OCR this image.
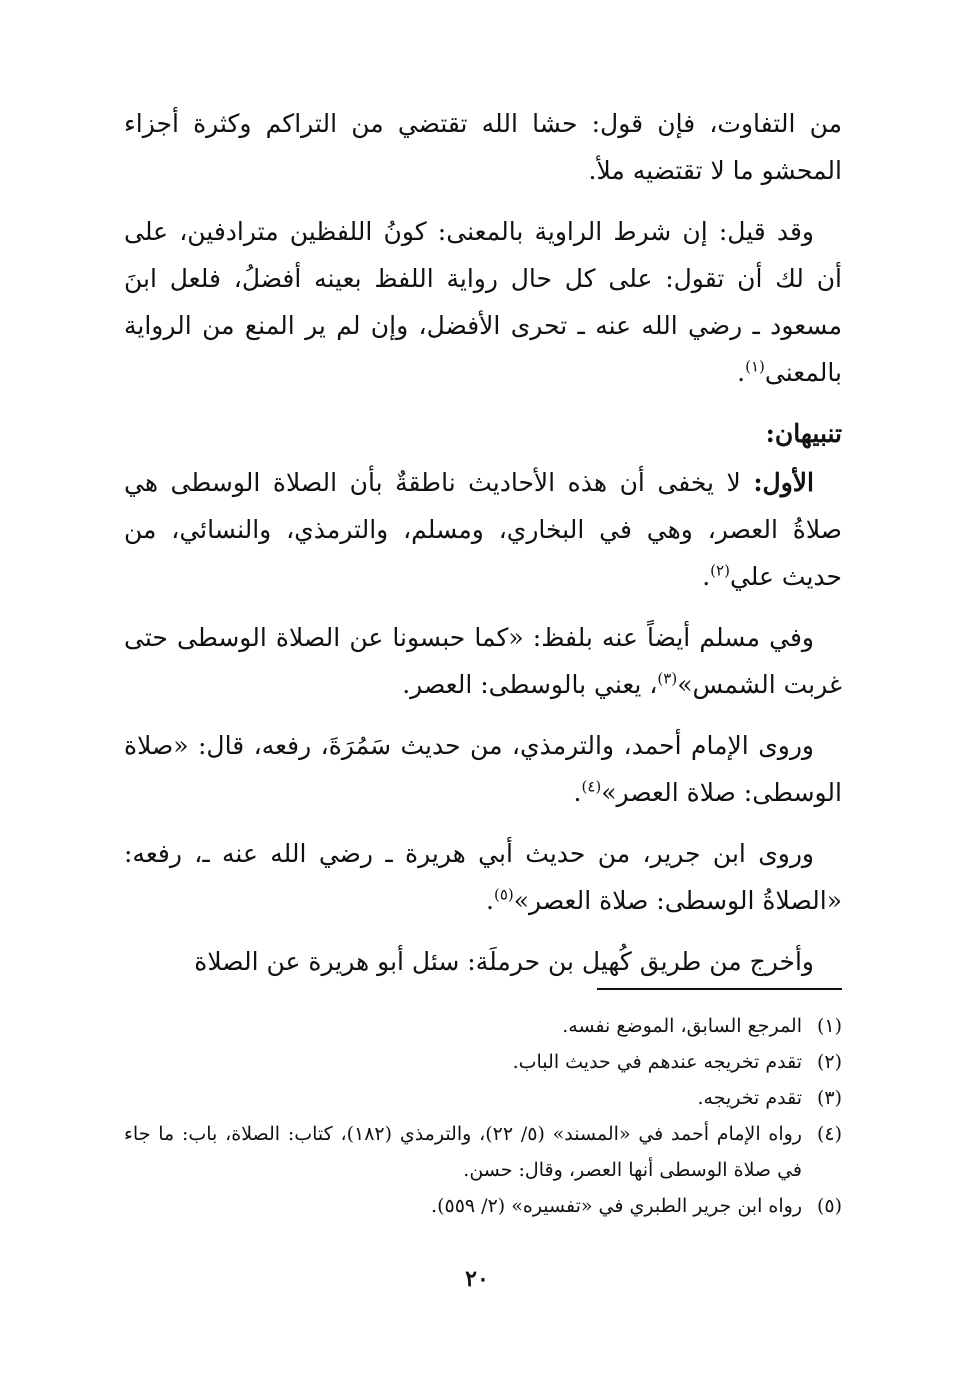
من التفاوت، فإن قول: حشا الله تقتضي من التراكم وكثرة أجزاء المحشو ما لا تقتضيه ملأ.

وقد قيل: إن شرط الراوية بالمعنى: كونُ اللفظين مترادفين، على أن لك أن تقول: على كل حال رواية اللفظ بعينه أفضلُ، فلعل ابنَ مسعود ـ رضي الله عنه ـ تحرى الأفضل، وإن لم ير المنع من الرواية بالمعنى$^{(١)}$.

تنبيهان:

الأول: لا يخفى أن هذه الأحاديث ناطقةٌ بأن الصلاة الوسطى هي صلاةُ العصر، وهي في البخاري، ومسلم، والترمذي، والنسائي، من حديث علي$^{(٢)}$.

وفي مسلم أيضاً عنه بلفظ: «كما حبسونا عن الصلاة الوسطى حتى غربت الشمس»$^{(٣)}$، يعني بالوسطى: العصر.

وروى الإمام أحمد، والترمذي، من حديث سَمُرَةَ، رفعه، قال: «صلاة الوسطى: صلاة العصر»$^{(٤)}$.

وروى ابن جرير، من حديث أبي هريرة ـ رضي الله عنه ـ، رفعه: «الصلاةُ الوسطى: صلاة العصر»$^{(٥)}$.

وأخرج من طريق كُهيل بن حرملَة: سئل أبو هريرة عن الصلاة

(١)
المرجع السابق، الموضع نفسه.
(٢)
تقدم تخريجه عندهم في حديث الباب.
(٣)
تقدم تخريجه.
(٤)
رواه الإمام أحمد في «المسند» (٥/ ٢٢)، والترمذي (١٨٢)، كتاب: الصلاة، باب: ما جاء في صلاة الوسطى أنها العصر، وقال: حسن.
(٥)
رواه ابن جرير الطبري في «تفسيره» (٢/ ٥٥٩).
٢٠
